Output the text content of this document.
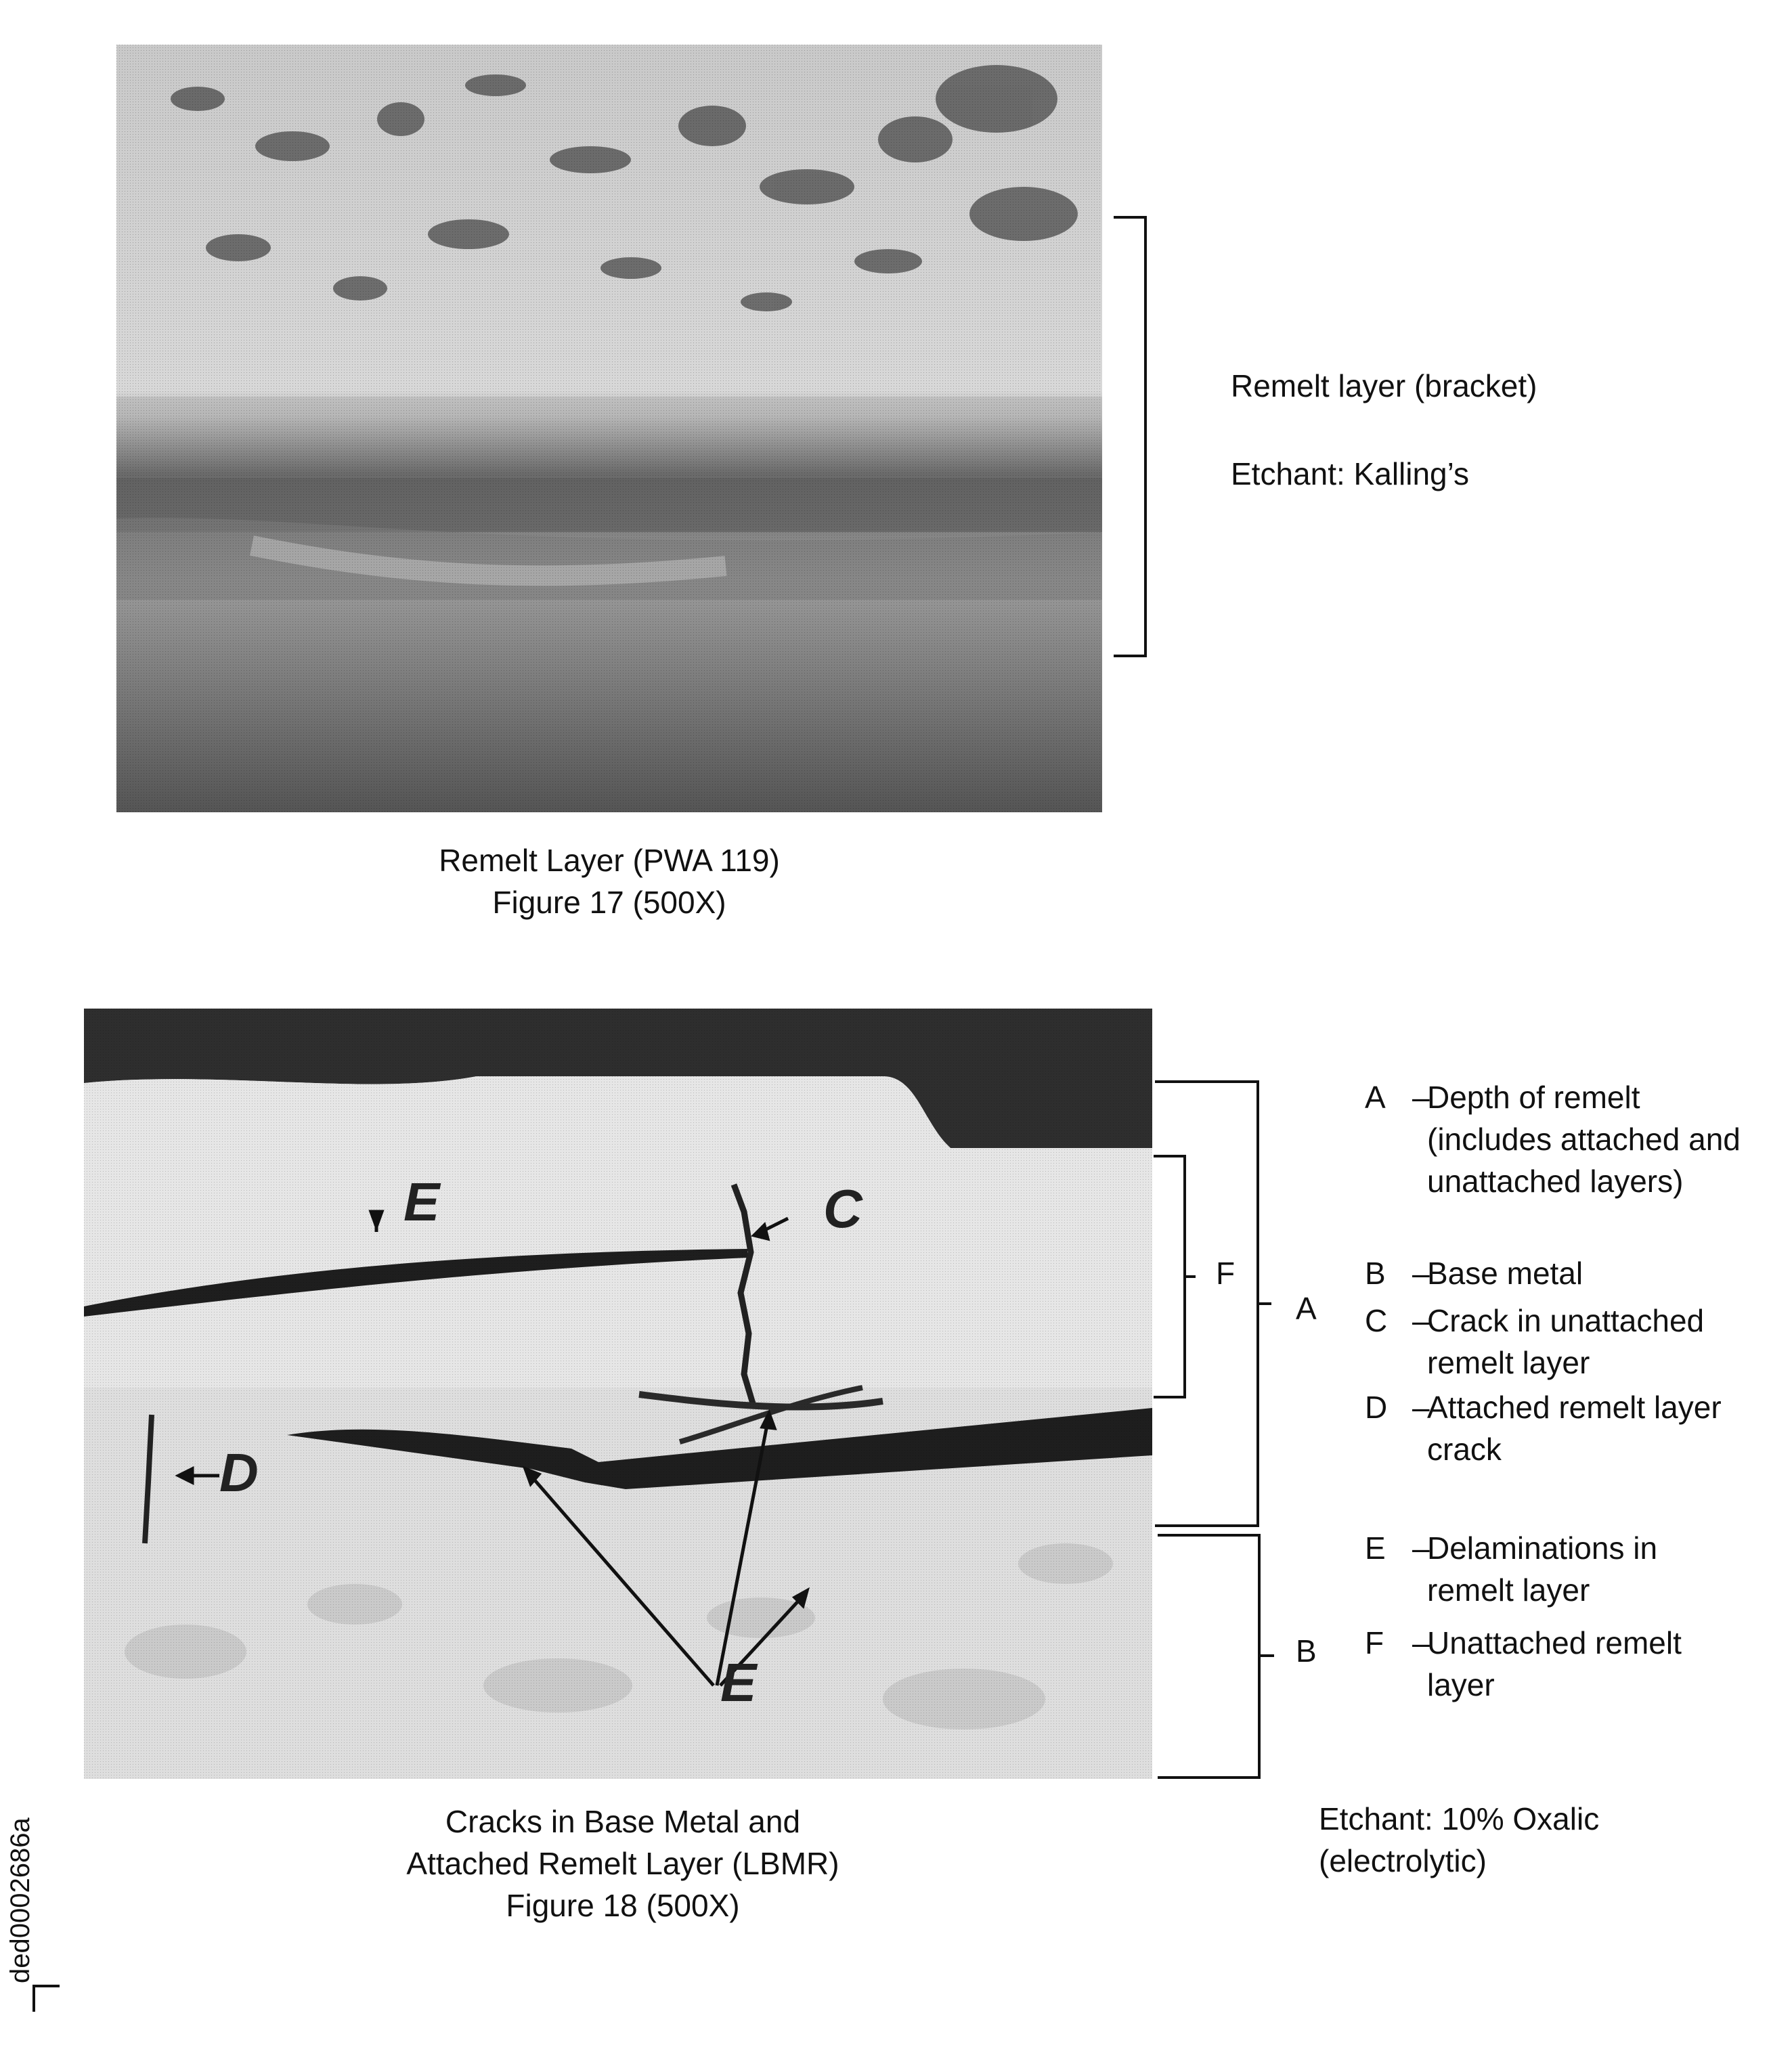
Remelt layer (bracket)
Etchant: Kalling’s
Remelt Layer (PWA 119)
Figure 17 (500X)
E	C
D
E
F
A
B
A –
Depth of remelt (includes attached and unattached layers)
B –
Base metal
C –
Crack in unattached remelt layer
D –
Attached remelt layer crack
E –
Delaminations in remelt layer
F –
Unattached remelt layer
Cracks in Base Metal and
Attached Remelt Layer (LBMR)
Figure 18 (500X)
Etchant: 10% Oxalic
(electrolytic)
ded0002686a
